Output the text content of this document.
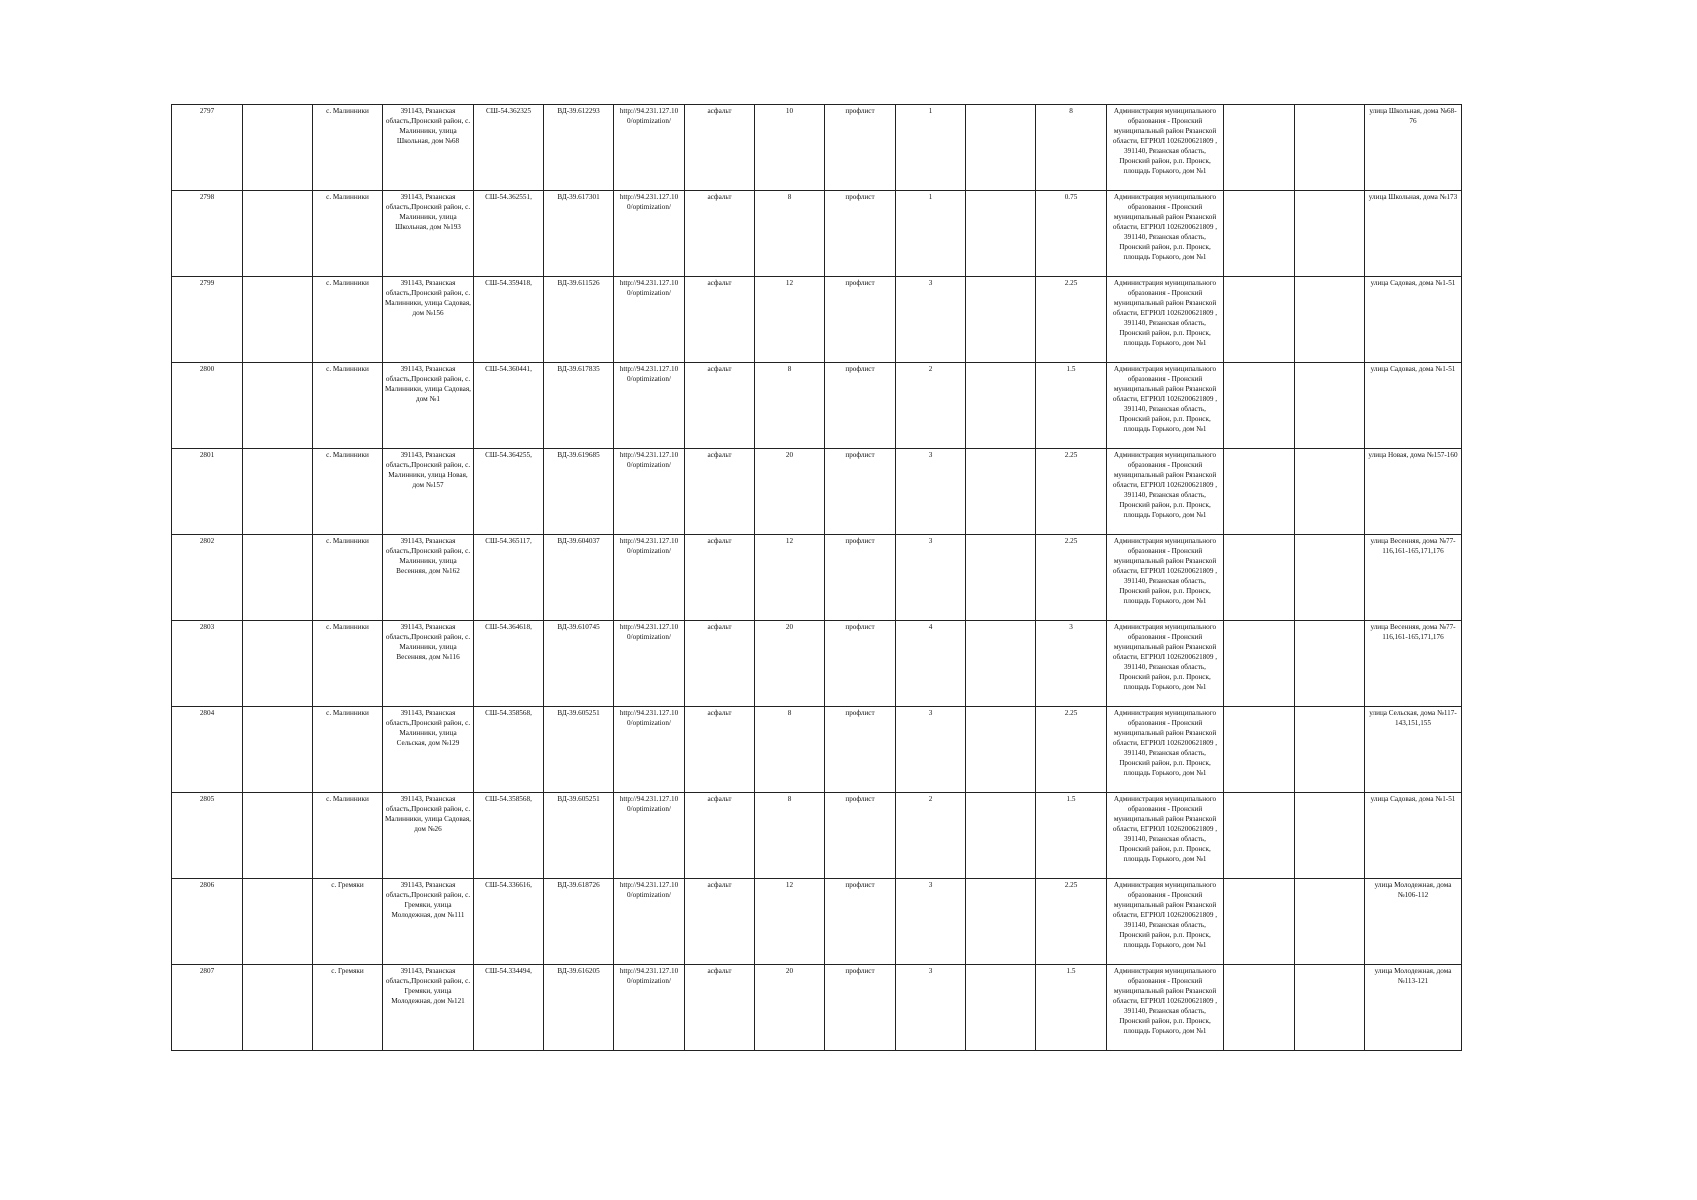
2797		с. Малинники	391143, Рязанская область,Пронский район, с. Малинники, улица Школьная, дом №68	СШ-54.362325	ВД-39.612293	http://94.231.127.10 0/optimization/	асфальт	10	профлист	1		8	Администрация муниципального образования - Пронский муниципальный район Рязанской области, ЕГРЮЛ 1026200621809 , 391140, Рязанская область, Пронский район, р.п. Пронск, площадь Горького, дом №1			улица Школьная, дома №68-76
2798		с. Малинники	391143, Рязанская область,Пронский район, с. Малинники, улица Школьная, дом №193	СШ-54.362551,	ВД-39.617301	http://94.231.127.10 0/optimization/	асфальт	8	профлист	1		0.75	Администрация муниципального образования - Пронский муниципальный район Рязанской области, ЕГРЮЛ 1026200621809 , 391140, Рязанская область, Пронский район, р.п. Пронск, площадь Горького, дом №1			улица Школьная, дома №173
2799		с. Малинники	391143, Рязанская область,Пронский район, с. Малинники, улица Садовая, дом №156	СШ-54.359418,	ВД-39.611526	http://94.231.127.10 0/optimization/	асфальт	12	профлист	3		2.25	Администрация муниципального образования - Пронский муниципальный район Рязанской области, ЕГРЮЛ 1026200621809 , 391140, Рязанская область, Пронский район, р.п. Пронск, площадь Горького, дом №1			улица Садовая, дома №1-51
2800		с. Малинники	391143, Рязанская область,Пронский район, с. Малинники, улица Садовая, дом №1	СШ-54.360441,	ВД-39.617835	http://94.231.127.10 0/optimization/	асфальт	8	профлист	2		1.5	Администрация муниципального образования - Пронский муниципальный район Рязанской области, ЕГРЮЛ 1026200621809 , 391140, Рязанская область, Пронский район, р.п. Пронск, площадь Горького, дом №1			улица Садовая, дома №1-51
2801		с. Малинники	391143, Рязанская область,Пронский район, с. Малинники, улица Новая, дом №157	СШ-54.364255,	ВД-39.619685	http://94.231.127.10 0/optimization/	асфальт	20	профлист	3		2.25	Администрация муниципального образования - Пронский муниципальный район Рязанской области, ЕГРЮЛ 1026200621809 , 391140, Рязанская область, Пронский район, р.п. Пронск, площадь Горького, дом №1			улица Новая, дома №157-160
2802		с. Малинники	391143, Рязанская область,Пронский район, с. Малинники, улица Весенняя, дом №162	СШ-54.365117,	ВД-39.604037	http://94.231.127.10 0/optimization/	асфальт	12	профлист	3		2.25	Администрация муниципального образования - Пронский муниципальный район Рязанской области, ЕГРЮЛ 1026200621809 , 391140, Рязанская область, Пронский район, р.п. Пронск, площадь Горького, дом №1			улица Весенняя, дома №77-116,161-165,171,176
2803		с. Малинники	391143, Рязанская область,Пронский район, с. Малинники, улица Весенняя, дом №116	СШ-54.364618,	ВД-39.610745	http://94.231.127.10 0/optimization/	асфальт	20	профлист	4		3	Администрация муниципального образования - Пронский муниципальный район Рязанской области, ЕГРЮЛ 1026200621809 , 391140, Рязанская область, Пронский район, р.п. Пронск, площадь Горького, дом №1			улица Весенняя, дома №77-116,161-165,171,176
2804		с. Малинники	391143, Рязанская область,Пронский район, с. Малинники, улица Сельская, дом №129	СШ-54.358568,	ВД-39.605251	http://94.231.127.10 0/optimization/	асфальт	8	профлист	3		2.25	Администрация муниципального образования - Пронский муниципальный район Рязанской области, ЕГРЮЛ 1026200621809 , 391140, Рязанская область, Пронский район, р.п. Пронск, площадь Горького, дом №1			улица Сельская, дома №117-143,151,155
2805		с. Малинники	391143, Рязанская область,Пронский район, с. Малинники, улица Садовая, дом №26	СШ-54.358568,	ВД-39.605251	http://94.231.127.10 0/optimization/	асфальт	8	профлист	2		1.5	Администрация муниципального образования - Пронский муниципальный район Рязанской области, ЕГРЮЛ 1026200621809 , 391140, Рязанская область, Пронский район, р.п. Пронск, площадь Горького, дом №1			улица Садовая, дома №1-51
2806		с. Гремяки	391143, Рязанская область,Пронский район, с. Гремяки, улица Молодежная, дом №111	СШ-54.336616,	ВД-39.618726	http://94.231.127.10 0/optimization/	асфальт	12	профлист	3		2.25	Администрация муниципального образования - Пронский муниципальный район Рязанской области, ЕГРЮЛ 1026200621809 , 391140, Рязанская область, Пронский район, р.п. Пронск, площадь Горького, дом №1			улица Молодежная, дома №106-112
2807		с. Гремяки	391143, Рязанская область,Пронский район, с. Гремяки, улица Молодежная, дом №121	СШ-54.334494,	ВД-39.616205	http://94.231.127.10 0/optimization/	асфальт	20	профлист	3		1.5	Администрация муниципального образования - Пронский муниципальный район Рязанской области, ЕГРЮЛ 1026200621809 , 391140, Рязанская область, Пронский район, р.п. Пронск, площадь Горького, дом №1			улица Молодежная, дома №113-121
